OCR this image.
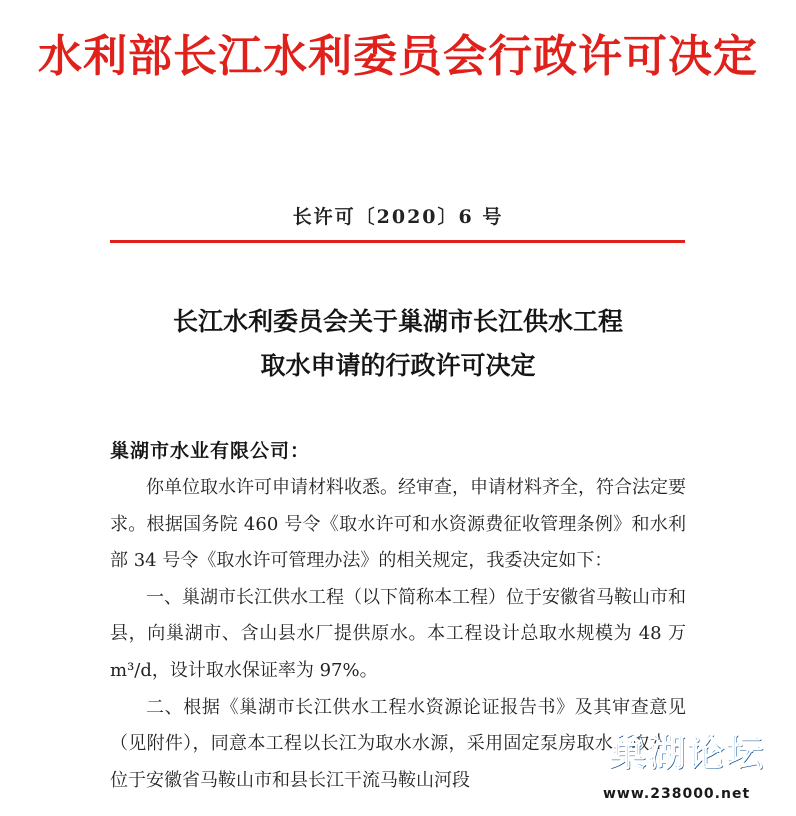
水利部长江水利委员会行政许可决定
长许可〔2020〕6 号
长江水利委员会关于巢湖市长江供水工程
取水申请的行政许可决定
巢湖市水业有限公司：

你单位取水许可申请材料收悉。经审查，申请材料齐全，符合法定要求。根据国务院 460 号令《取水许可和水资源费征收管理条例》和水利部 34 号令《取水许可管理办法》的相关规定，我委决定如下：

一、巢湖市长江供水工程（以下简称本工程）位于安徽省马鞍山市和县，向巢湖市、含山县水厂提供原水。本工程设计总取水规模为 48 万 m³/d，设计取水保证率为 97%。

二、根据《巢湖市长江供水工程水资源论证报告书》及其审查意见（见附件），同意本工程以长江为取水水源，采用固定泵房取水，取水口位于安徽省马鞍山市和县长江干流马鞍山河段

巢湖论坛
www.238000.net
